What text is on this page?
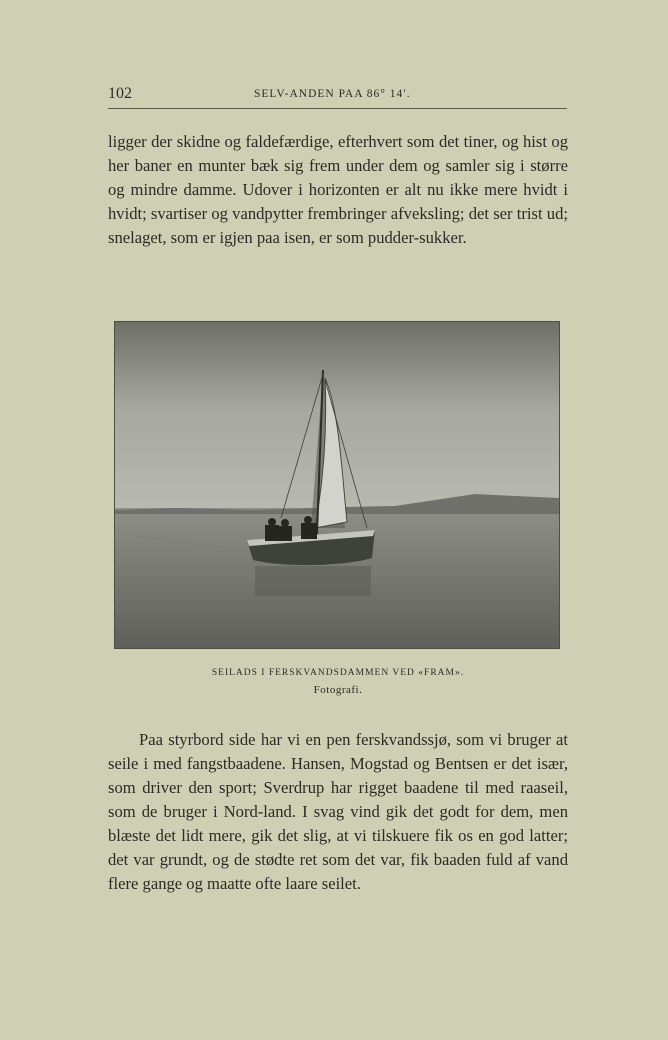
102	SELV-ANDEN PAA 86° 14′.

ligger der skidne og faldefærdige, efterhvert som det tiner, og hist og her baner en munter bæk sig frem under dem og samler sig i større og mindre damme. Udover i horizonten er alt nu ikke mere hvidt i hvidt; svartiser og vandpytter frembringer afveksling; det ser trist ud; snelaget, som er igjen paa isen, er som pudder-sukker.

SEILADS I FERSKVANDSDAMMEN VED «FRAM».
Fotografi.

Paa styrbord side har vi en pen ferskvandssjø, som vi bruger at seile i med fangstbaadene. Hansen, Mogstad og Bentsen er det især, som driver den sport; Sverdrup har rigget baadene til med raaseil, som de bruger i Nord-land. I svag vind gik det godt for dem, men blæste det lidt mere, gik det slig, at vi tilskuere fik os en god latter; det var grundt, og de stødte ret som det var, fik baaden fuld af vand flere gange og maatte ofte laare seilet.
